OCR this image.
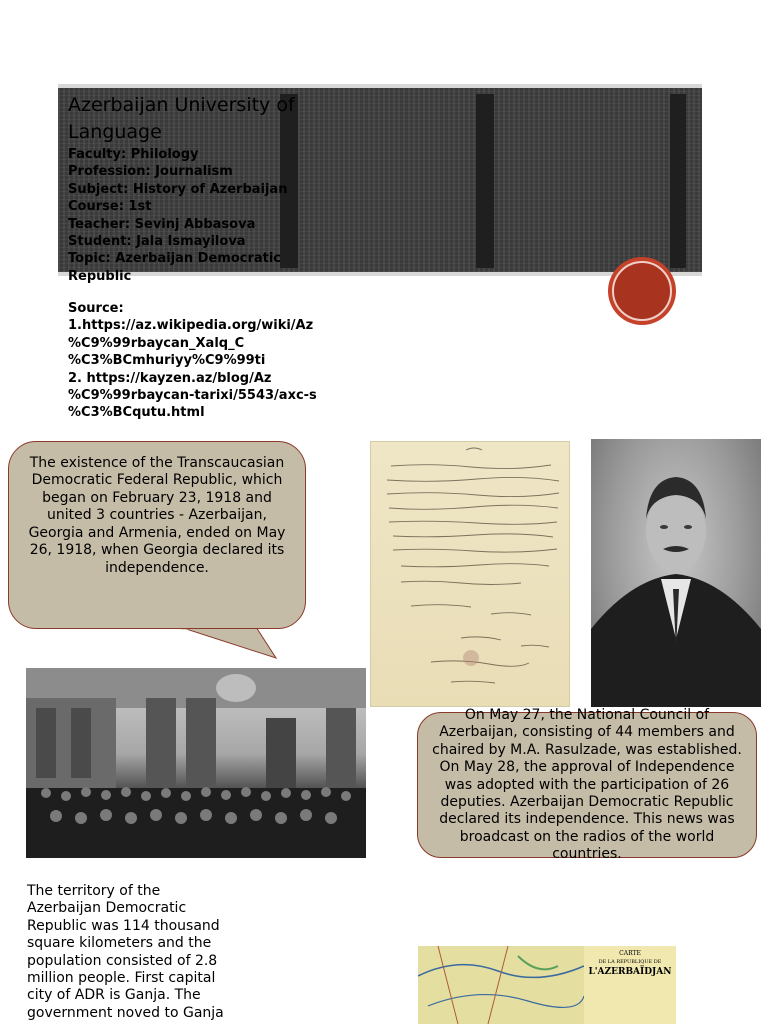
Azerbaijan University of Language
Faculty: Philology
Profession: Journalism
Subject: History of Azerbaijan
Course: 1st
Teacher: Sevinj Abbasova
Student: Jala Ismayilova
Topic: Azerbaijan Democratic Republic
Source:
1.https://az.wikipedia.org/wiki/Az
%C9%99rbaycan_Xalq_C
%C3%BCmhuriyy%C9%99ti
2. https://kayzen.az/blog/Az
%C9%99rbaycan-tarixi/5543/axc-s
%C3%BCqutu.html
The existence of the Transcaucasian Democratic Federal Republic, which began on February 23, 1918 and united 3 countries - Azerbaijan, Georgia and Armenia, ended on May 26, 1918, when Georgia declared its independence.
On May 27, the National Council of Azerbaijan, consisting of 44 members and chaired by M.A. Rasulzade, was established. On May 28, the approval of Independence was adopted with the participation of 26 deputies. Azerbaijan Democratic Republic declared its independence. This news was broadcast on the radios of the world countries.
The territory of the Azerbaijan Democratic Republic was 114 thousand square kilometers and the population consisted of 2.8 million people. First capital city of ADR is Ganja. The government noved to Ganja
CARTE
DE LA RÉPUBLIQUE DE
L'AZERBAÏDJAN
